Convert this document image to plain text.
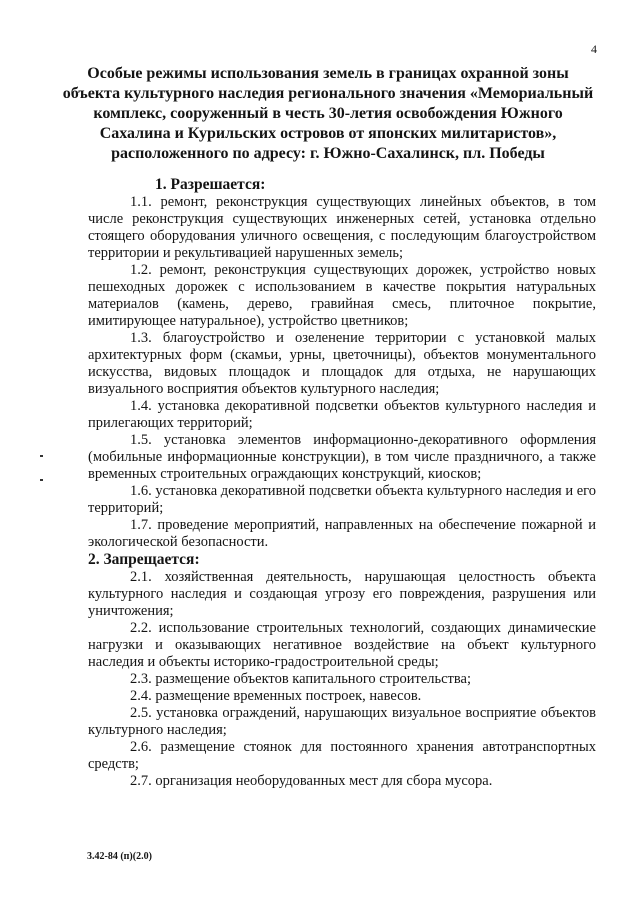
4
Особые режимы использования земель в границах охранной зоны объекта культурного наследия регионального значения «Мемориальный комплекс, сооруженный в честь 30-летия освобождения Южного Сахалина и Курильских островов от японских милитаристов», расположенного по адресу: г. Южно-Сахалинск, пл. Победы

1. Разрешается:

1.1. ремонт, реконструкция существующих линейных объектов, в том числе реконструкция существующих инженерных сетей, установка отдельно стоящего оборудования уличного освещения, с последующим благоустройством территории и рекультивацией нарушенных земель;

1.2. ремонт, реконструкция существующих дорожек, устройство новых пешеходных дорожек с использованием в качестве покрытия натуральных материалов (камень, дерево, гравийная смесь, плиточное покрытие, имитирующее натуральное), устройство цветников;

1.3. благоустройство и озеленение территории с установкой малых архитектурных форм (скамьи, урны, цветочницы), объектов монументального искусства, видовых площадок и площадок для отдыха, не нарушающих визуального восприятия объектов культурного наследия;

1.4. установка декоративной подсветки объектов культурного наследия и прилегающих территорий;

1.5. установка элементов информационно-декоративного оформления (мобильные информационные конструкции), в том числе праздничного, а также временных строительных ограждающих конструкций, киосков;

1.6. установка декоративной подсветки объекта культурного наследия и его территорий;

1.7. проведение мероприятий, направленных на обеспечение пожарной и экологической безопасности.

2. Запрещается:

2.1. хозяйственная деятельность, нарушающая целостность объекта культурного наследия и создающая угрозу его повреждения, разрушения или уничтожения;

2.2. использование строительных технологий, создающих динамические нагрузки и оказывающих негативное воздействие на объект культурного наследия и объекты историко-градостроительной среды;

2.3. размещение объектов капитального строительства;

2.4. размещение временных построек, навесов.

2.5. установка ограждений, нарушающих визуальное восприятие объектов культурного наследия;

2.6. размещение стоянок для постоянного хранения автотранспортных средств;

2.7. организация необорудованных мест для сбора мусора.

3.42-84 (п)(2.0)
